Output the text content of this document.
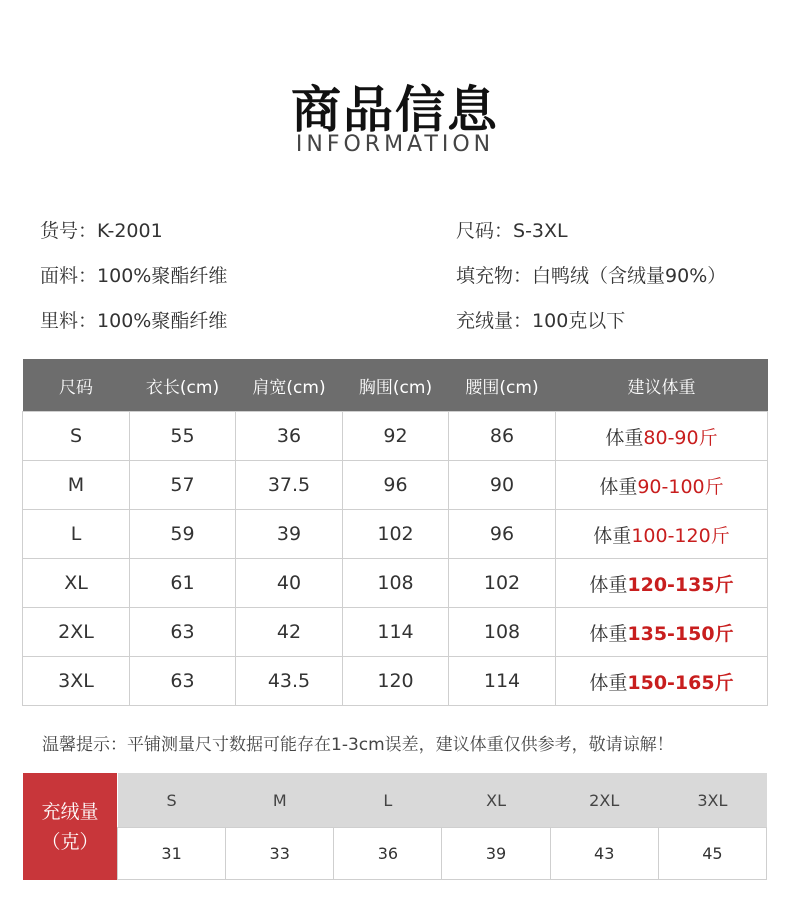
商品信息
INFORMATION
货号：K-2001	尺码：S-3XL
面料：100%聚酯纤维	填充物：白鸭绒（含绒量90%）
里料：100%聚酯纤维	充绒量：100克以下
尺码	衣长(cm)	肩宽(cm)	胸围(cm)	腰围(cm)	建议体重
S	55	36	92	86	体重80-90斤
M	57	37.5	96	90	体重90-100斤
L	59	39	102	96	体重100-120斤
XL	61	40	108	102	体重120-135斤
2XL	63	42	114	108	体重135-150斤
3XL	63	43.5	120	114	体重150-165斤
温馨提示：平铺测量尺寸数据可能存在1-3cm误差，建议体重仅供参考，敬请谅解！
充绒量
（克）
S	M	L	XL	2XL	3XL
31	33	36	39	43	45
